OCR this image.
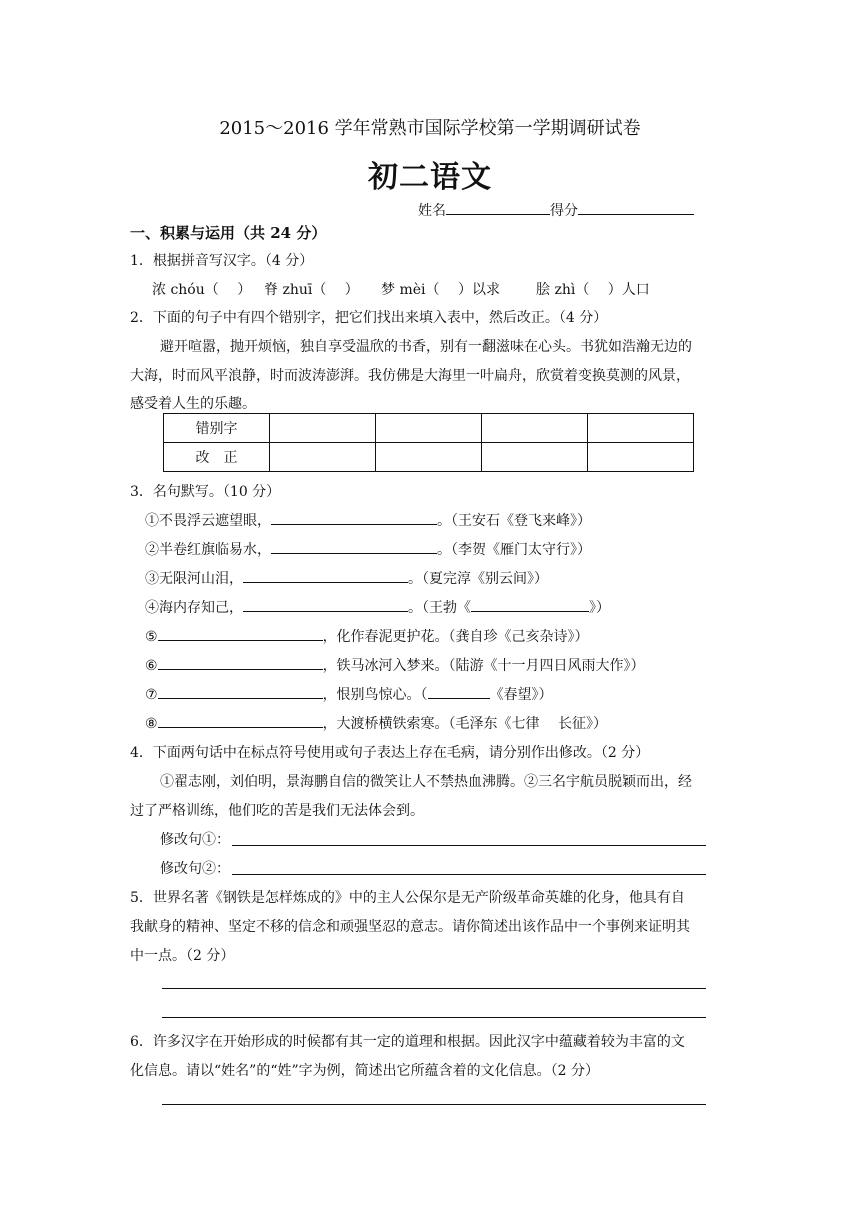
2015～2016 学年常熟市国际学校第一学期调研试卷
初二语文
姓名	得分
一、积累与运用（共 24 分）
1．根据拼音写汉字。（4 分）
浓 chóu（　 ） 脊 zhuī（　 ） 梦 mèi（　 ）以求	脍 zhì（　 ）人口
2．下面的句子中有四个错别字，把它们找出来填入表中，然后改正。（4 分）
避开喧嚣，抛开烦恼，独自享受温欣的书香，别有一翻滋味在心头。书犹如浩瀚无边的
大海，时而风平浪静，时而波涛澎湃。我仿佛是大海里一叶扁舟，欣赏着变换莫测的风景，
感受着人生的乐趣。
错别字				
改　正				
3．名句默写。（10 分）
①不畏浮云遮望眼，	。（王安石《登飞来峰》）
②半卷红旗临易水，	。（李贺《雁门太守行》）
③无限河山泪，	。（夏完淳《别云间》）
④海内存知己，	。（王勃《	》）
⑤	，化作春泥更护花。（龚自珍《己亥杂诗》）
⑥	，铁马冰河入梦来。（陆游《十一月四日风雨大作》）
⑦	，恨别鸟惊心。（	《春望》）
⑧	，大渡桥横铁索寒。（毛泽东《七律　 长征》）
4．下面两句话中在标点符号使用或句子表达上存在毛病，请分别作出修改。（2 分）
①翟志刚，刘伯明，景海鹏自信的微笑让人不禁热血沸腾。②三名宇航员脱颖而出，经
过了严格训练，他们吃的苦是我们无法体会到。
修改句①：
修改句②：
5．世界名著《钢铁是怎样炼成的》中的主人公保尔是无产阶级革命英雄的化身，他具有自
我献身的精神、坚定不移的信念和顽强坚忍的意志。请你简述出该作品中一个事例来证明其
中一点。（2 分）
6．许多汉字在开始形成的时候都有其一定的道理和根据。因此汉字中蕴藏着较为丰富的文
化信息。请以“姓名”的“姓”字为例，简述出它所蕴含着的文化信息。（2 分）
